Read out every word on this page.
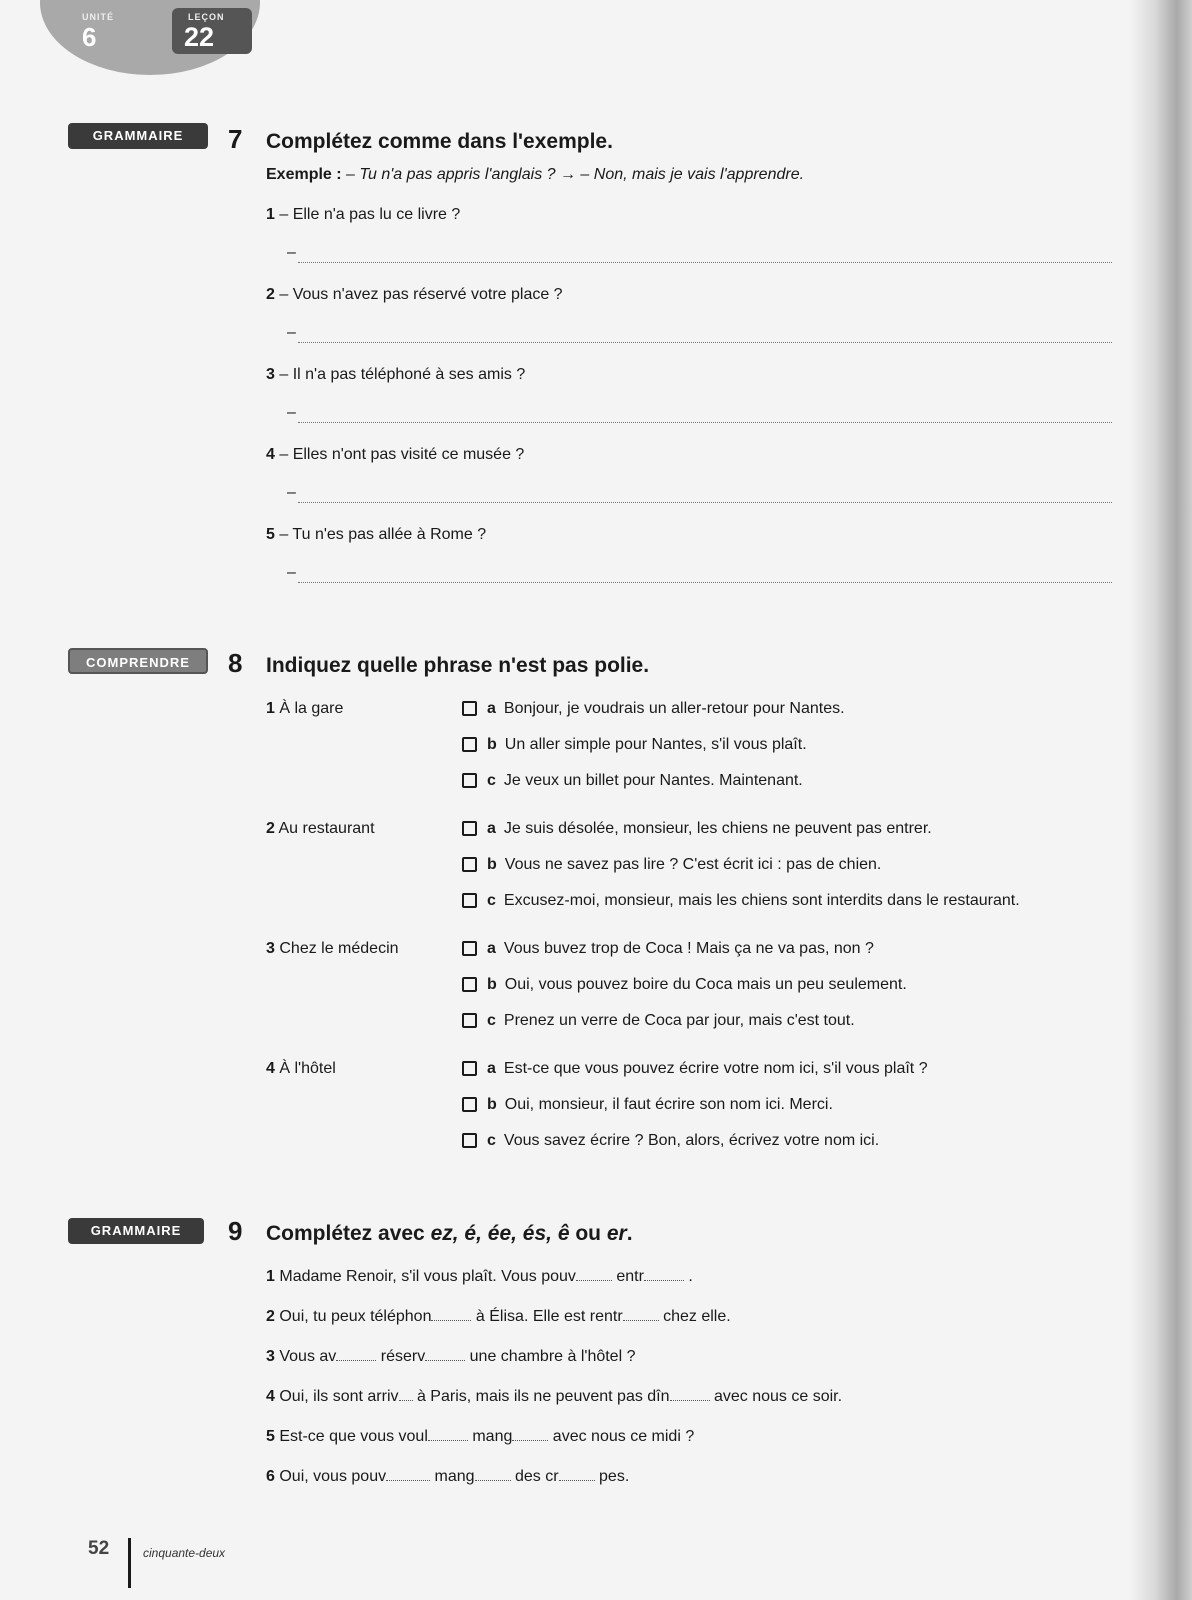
UNITÉ
6
LEÇON
22
GRAMMAIRE	7 Complétez comme dans l'exemple.
Exemple : – Tu n'a pas appris l'anglais ? → – Non, mais je vais l'apprendre.
1 – Elle n'a pas lu ce livre ?
–
2 – Vous n'avez pas réservé votre place ?
–
3 – Il n'a pas téléphoné à ses amis ?
–
4 – Elles n'ont pas visité ce musée ?
–
5 – Tu n'es pas allée à Rome ?
–
COMPRENDRE	8 Indiquez quelle phrase n'est pas polie.
1 À la gare	a Bonjour, je voudrais un aller-retour pour Nantes.
b Un aller simple pour Nantes, s'il vous plaît.
c Je veux un billet pour Nantes. Maintenant.
2 Au restaurant	a Je suis désolée, monsieur, les chiens ne peuvent pas entrer.
b Vous ne savez pas lire ? C'est écrit ici : pas de chien.
c Excusez-moi, monsieur, mais les chiens sont interdits dans le restaurant.
3 Chez le médecin	a Vous buvez trop de Coca ! Mais ça ne va pas, non ?
b Oui, vous pouvez boire du Coca mais un peu seulement.
c Prenez un verre de Coca par jour, mais c'est tout.
4 À l'hôtel	a Est-ce que vous pouvez écrire votre nom ici, s'il vous plaît ?
b Oui, monsieur, il faut écrire son nom ici. Merci.
c Vous savez écrire ? Bon, alors, écrivez votre nom ici.
GRAMMAIRE	9 Complétez avec ez, é, ée, és, ê ou er.
1 Madame Renoir, s'il vous plaît. Vous pouv entr	.
2 Oui, tu peux téléphon	à Élisa. Elle est rentr chez elle.
3 Vous av	réserv	une chambre à l'hôtel ?
4 Oui, ils sont arriv à Paris, mais ils ne peuvent pas dîn	avec nous ce soir.
5 Est-ce que vous voul	mang avec nous ce midi ?
6 Oui, vous pouv	mang des cr pes.
52	cinquante-deux
